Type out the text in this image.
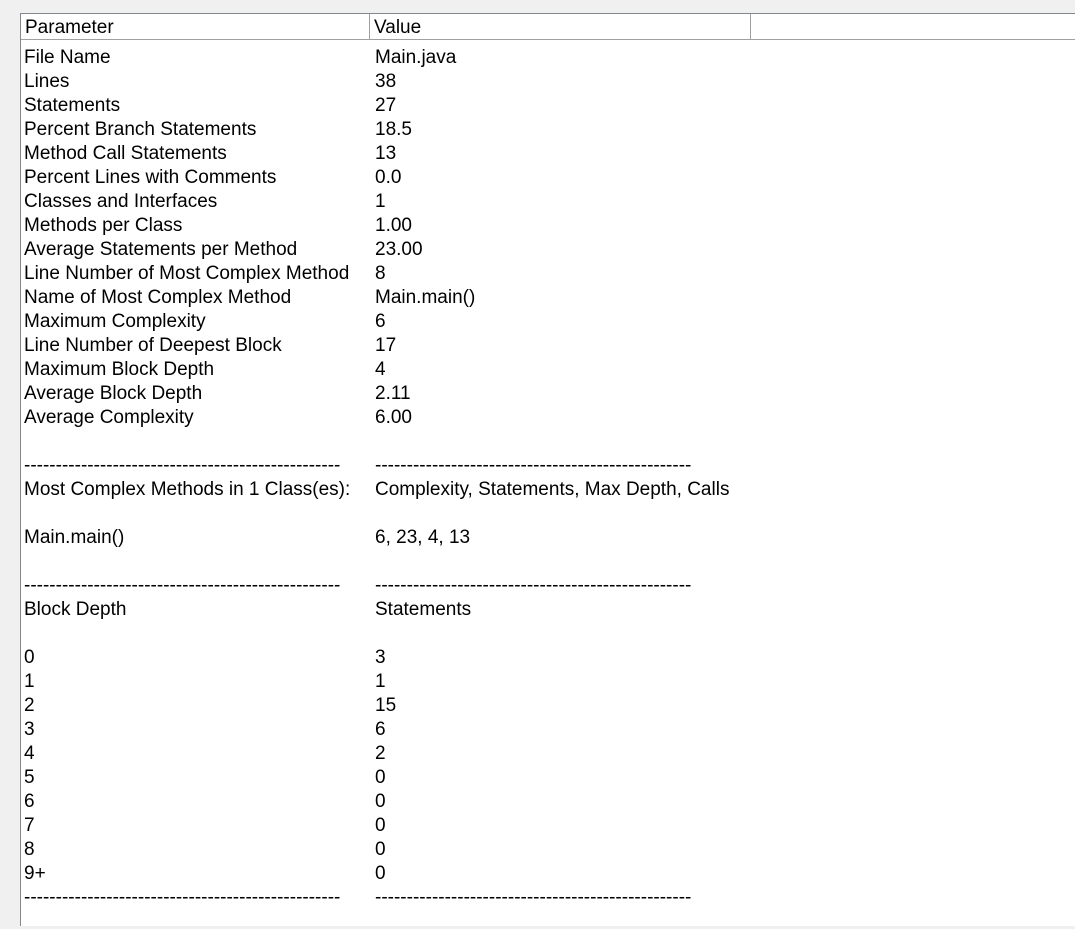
Parameter	Value
File Name	Main.java
Lines	38
Statements	27
Percent Branch Statements	18.5
Method Call Statements	13
Percent Lines with Comments	0.0
Classes and Interfaces	1
Methods per Class	1.00
Average Statements per Method	23.00
Line Number of Most Complex Method 8
Name of Most Complex Method	Main.main()
Maximum Complexity	6
Line Number of Deepest Block	17
Maximum Block Depth	4
Average Block Depth	2.11
Average Complexity	6.00
-------------------------------------------------- --------------------------------------------------
Most Complex Methods in 1 Class(es): Complexity, Statements, Max Depth, Calls
Main.main()	6, 23, 4, 13
-------------------------------------------------- --------------------------------------------------
Block Depth	Statements
0	3
1	1
2	15
3	6
4	2
5	0
6	0
7	0
8	0
9+	0
-------------------------------------------------- --------------------------------------------------
